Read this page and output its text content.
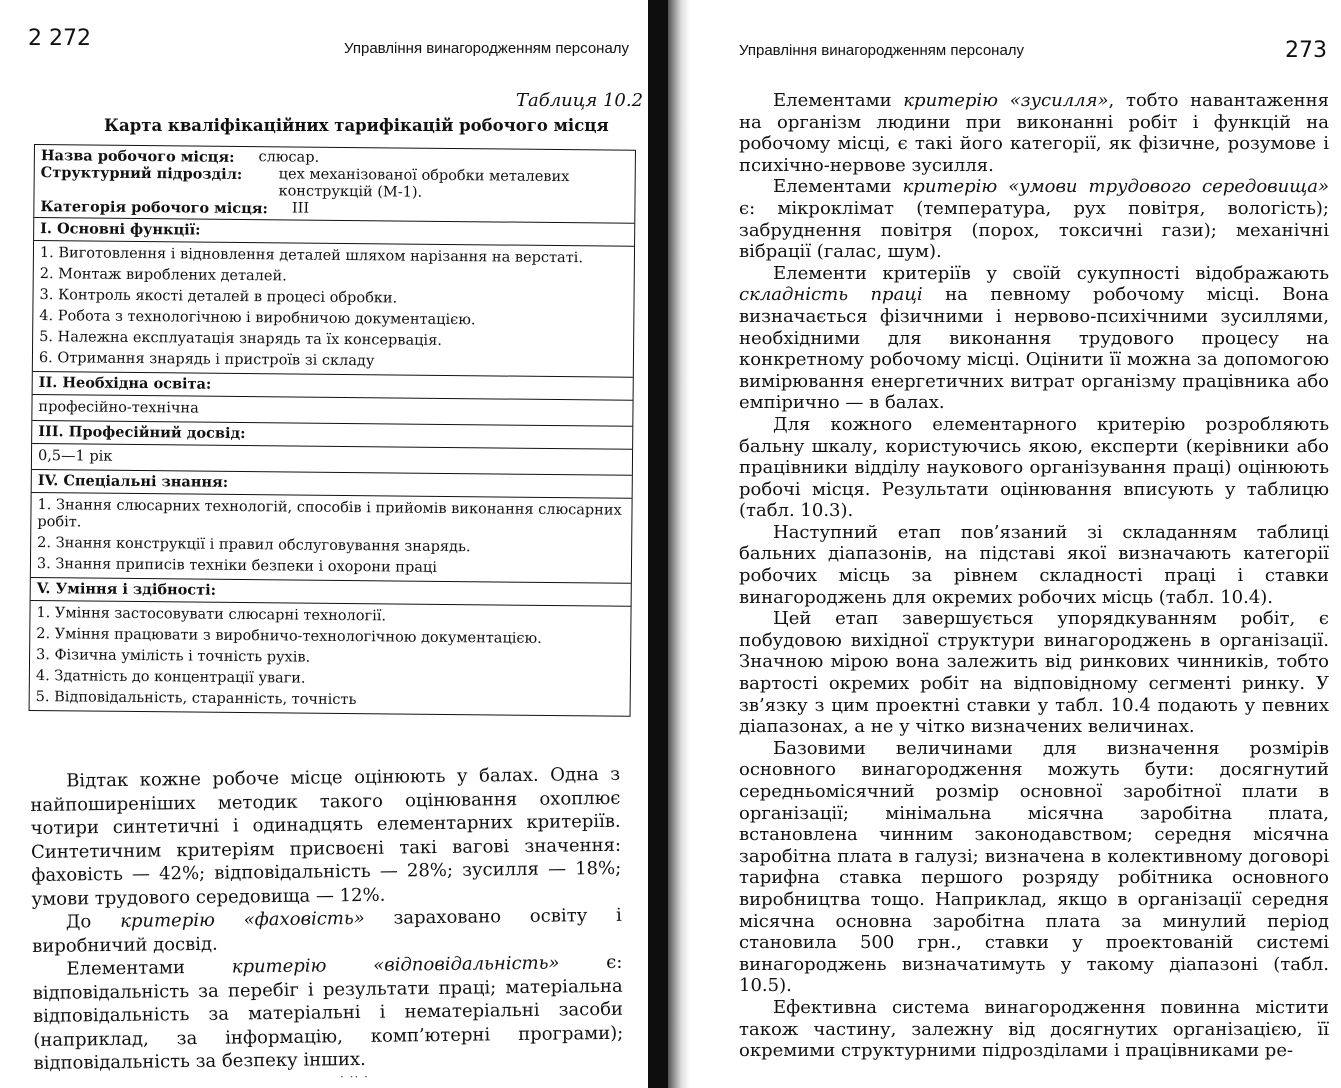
2 272	Управління винагородженням персоналу
Таблиця 10.2
Карта кваліфікаційних тарифікацій робочого місця
Назва робочого місця: слюсар.
Структурний підрозділ:	цех механізованої обробки металевих конструкцій (М-1).
Категорія робочого місця: III
I. Основні функції:
1. Виготовлення і відновлення деталей шляхом нарізання на верстаті.
2. Монтаж вироблених деталей.
3. Контроль якості деталей в процесі обробки.
4. Робота з технологічною і виробничою документацією.
5. Належна експлуатація знарядь та їх консервація.
6. Отримання знарядь і пристроїв зі складу
II. Необхідна освіта:
професійно-технічна
III. Професійний досвід:
0,5—1 рік
IV. Спеціальні знання:
1. Знання слюсарних технологій, способів і прийомів виконання слюсарних робіт.
2. Знання конструкції і правил обслуговування знарядь.
3. Знання приписів техніки безпеки і охорони праці
V. Уміння і здібності:
1. Уміння застосовувати слюсарні технології.
2. Уміння працювати з виробничо-технологічною документацією.
3. Фізична умілість і точність рухів.
4. Здатність до концентрації уваги.
5. Відповідальність, старанність, точність

Відтак кожне робоче місце оцінюють у балах. Одна з найпоширеніших методик такого оцінювання охоплює чотири синтетичні і одинадцять елементарних критеріїв. Синтетичним критеріям присвоєні такі вагові значення: фаховість — 42%; відповідальність — 28%; зусилля — 18%; умови трудового середовища — 12%.

До критерію «фаховість» зараховано освіту і виробничий досвід.

Елементами критерію «відповідальність» є: відповідальність за перебіг і результати праці; матеріальна відповідальність за матеріальні і нематеріальні засоби (наприклад, за інформацію, комп’ютерні програми); відповідальність за безпеку інших.

· ·· ·
Управління винагородженням персоналу	273

Елементами критерію «зусилля», тобто навантаження на організм людини при виконанні робіт і функцій на робочому місці, є такі його категорії, як фізичне, розумове і психічно-нервове зусилля.

Елементами критерію «умови трудового середовища» є: мікроклімат (температура, рух повітря, вологість); забруднення повітря (порох, токсичні гази); механічні вібрації (галас, шум).

Елементи критеріїв у своїй сукупності відображають складність праці на певному робочому місці. Вона визначається фізичними і нервово-психічними зусиллями, необхідними для виконання трудового процесу на конкретному робочому місці. Оцінити її можна за допомогою вимірювання енергетичних витрат організму працівника або емпірично — в балах.

Для кожного елементарного критерію розробляють бальну шкалу, користуючись якою, експерти (керівники або працівники відділу наукового організування праці) оцінюють робочі місця. Результати оцінювання вписують у таблицю (табл. 10.3).

Наступний етап пов’язаний зі складанням таблиці бальних діапазонів, на підставі якої визначають категорії робочих місць за рівнем складності праці і ставки винагороджень для окремих робочих місць (табл. 10.4).

Цей етап завершується упорядкуванням робіт, є побудовою вихідної структури винагороджень в організації. Значною мірою вона залежить від ринкових чинників, тобто вартості окремих робіт на відповідному сегменті ринку. У зв’язку з цим проектні ставки у табл. 10.4 подають у певних діапазонах, а не у чітко визначених величинах.

Базовими величинами для визначення розмірів основного винагородження можуть бути: досягнутий середньомісячний розмір основної заробітної плати в організації; мінімальна місячна заробітна плата, встановлена чинним законодавством; середня місячна заробітна плата в галузі; визначена в колективному договорі тарифна ставка першого розряду робітника основного виробництва тощо. Наприклад, якщо в організації середня місячна основна заробітна плата за минулий період становила 500 грн., ставки у проектованій системі винагороджень визначатимуть у такому діапазоні (табл. 10.5).

Ефективна система винагородження повинна містити також частину, залежну від досягнутих організацією, її окремими структурними підрозділами і працівниками ре-
